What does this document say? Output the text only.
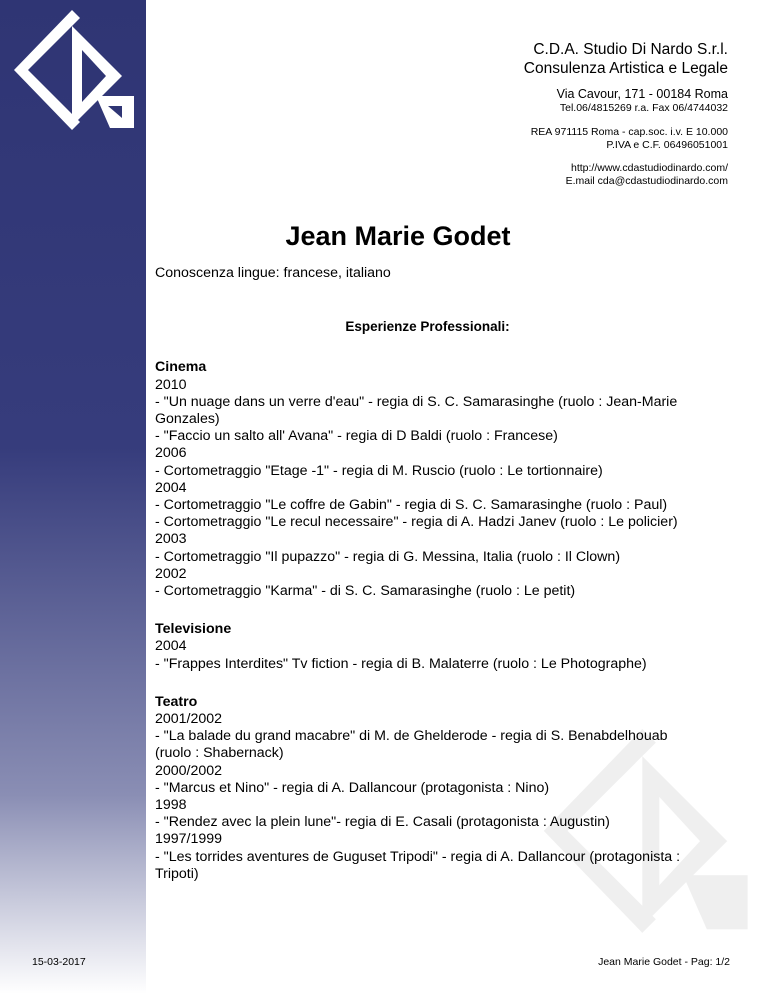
C.D.A. Studio Di Nardo S.r.l.
Consulenza Artistica e Legale
Via Cavour, 171 - 00184 Roma
Tel.06/4815269 r.a. Fax 06/4744032
REA 971115 Roma - cap.soc. i.v. E 10.000
P.IVA e C.F. 06496051001
http://www.cdastudiodinardo.com/
E.mail cda@cdastudiodinardo.com
Jean Marie Godet

Conoscenza lingue: francese, italiano

Esperienze Professionali:
Cinema
2010
- "Un nuage dans un verre d'eau" - regia di S. C. Samarasinghe (ruolo : Jean-Marie Gonzales)
- "Faccio un salto all' Avana" - regia di D Baldi (ruolo : Francese)
2006
- Cortometraggio "Etage -1" - regia di M. Ruscio (ruolo : Le tortionnaire)
2004
- Cortometraggio "Le coffre de Gabin" - regia di S. C. Samarasinghe (ruolo : Paul)
- Cortometraggio "Le recul necessaire" - regia di A. Hadzi Janev (ruolo : Le policier)
2003
- Cortometraggio "Il pupazzo" - regia di G. Messina, Italia (ruolo : Il Clown)
2002
- Cortometraggio "Karma" - di S. C. Samarasinghe (ruolo : Le petit)
Televisione
2004
- "Frappes Interdites" Tv fiction - regia di B. Malaterre (ruolo : Le Photographe)
Teatro
2001/2002
- "La balade du grand macabre" di M. de Ghelderode - regia di S. Benabdelhouab (ruolo : Shabernack)
2000/2002
- "Marcus et Nino" - regia di A. Dallancour (protagonista : Nino)
1998
- "Rendez avec la plein lune"- regia di E. Casali (protagonista : Augustin)
1997/1999
- "Les torrides aventures de Guguset Tripodi" - regia di A. Dallancour (protagonista : Tripoti)
15-03-2017	Jean Marie Godet - Pag: 1/2
